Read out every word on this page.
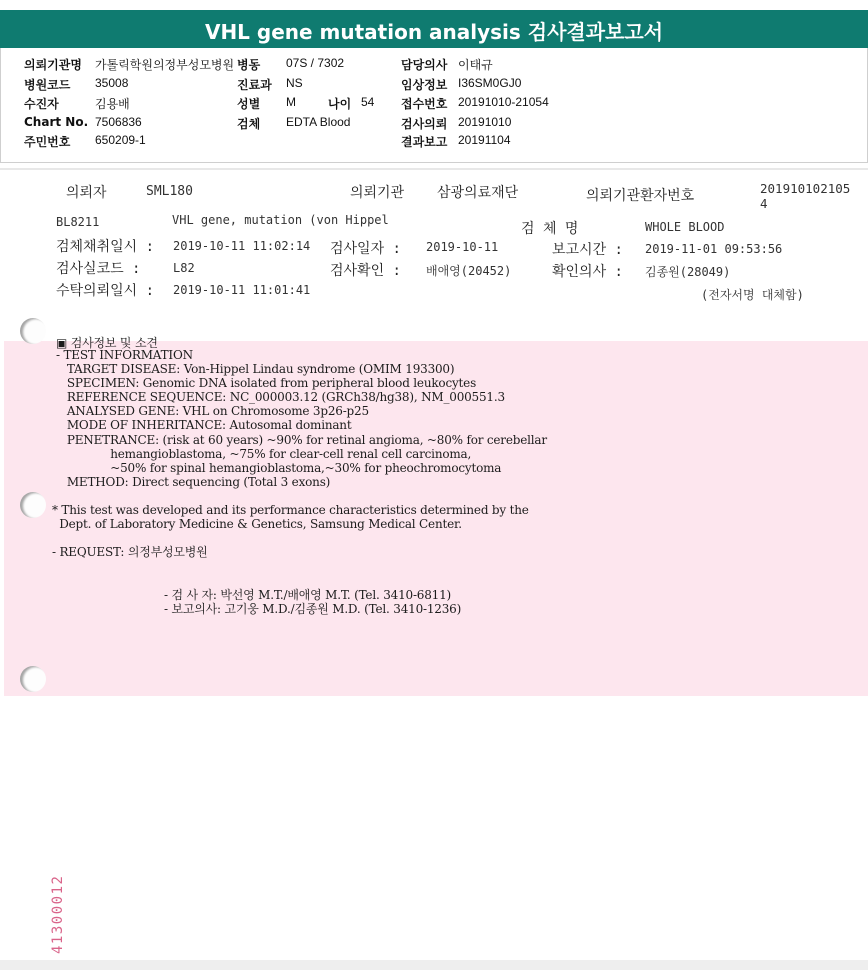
VHL gene mutation analysis 검사결과보고서
의뢰기관명 가톨릭학원의정부성모병원
병원코드 35008
수진자	김용배
Chart No. 7506836
주민번호 650209-1
병동 07S / 7302
진료과 NS
성별 M	나이 54
검체 EDTA Blood
담당의사 이태규
임상정보 I36SM0GJ0
접수번호 20191010-21054
검사의뢰 20191010
결과보고 20191104
의뢰자	SML180	의뢰기관 삼광의료재단	의뢰기관환자번호	201910102105
4
BL8211	VHL gene, mutation (von Hippel
검 체 명	WHOLE BLOOD
검체채취일시 : 2019-10-11 11:02:14 검사일자 : 2019-10-11	보고시간 : 2019-11-01 09:53:56
검사실코드 :	L82	검사확인 : 배애영(20452)	확인의사 : 김종원(28049)
수탁의뢰일시 : 2019-10-11 11:01:41	(전자서명 대체함)
▣ 검사정보 및 소견
- TEST INFORMATION
TARGET DISEASE: Von-Hippel Lindau syndrome (OMIM 193300)
SPECIMEN: Genomic DNA isolated from peripheral blood leukocytes
REFERENCE SEQUENCE: NC_000003.12 (GRCh38/hg38), NM_000551.3
ANALYSED GENE: VHL on Chromosome 3p26-p25
MODE OF INHERITANCE: Autosomal dominant
PENETRANCE: (risk at 60 years) ~90% for retinal angioma, ~80% for cerebellar
hemangioblastoma, ~75% for clear-cell renal cell carcinoma,
~50% for spinal hemangioblastoma,~30% for pheochromocytoma
METHOD: Direct sequencing (Total 3 exons)
* This test was developed and its performance characteristics determined by the
Dept. of Laboratory Medicine & Genetics, Samsung Medical Center.
- REQUEST: 의정부성모병원
- 검 사 자: 박선영 M.T./배애영 M.T. (Tel. 3410-6811)
- 보고의사: 고기웅 M.D./김종원 M.D. (Tel. 3410-1236)
41300012
